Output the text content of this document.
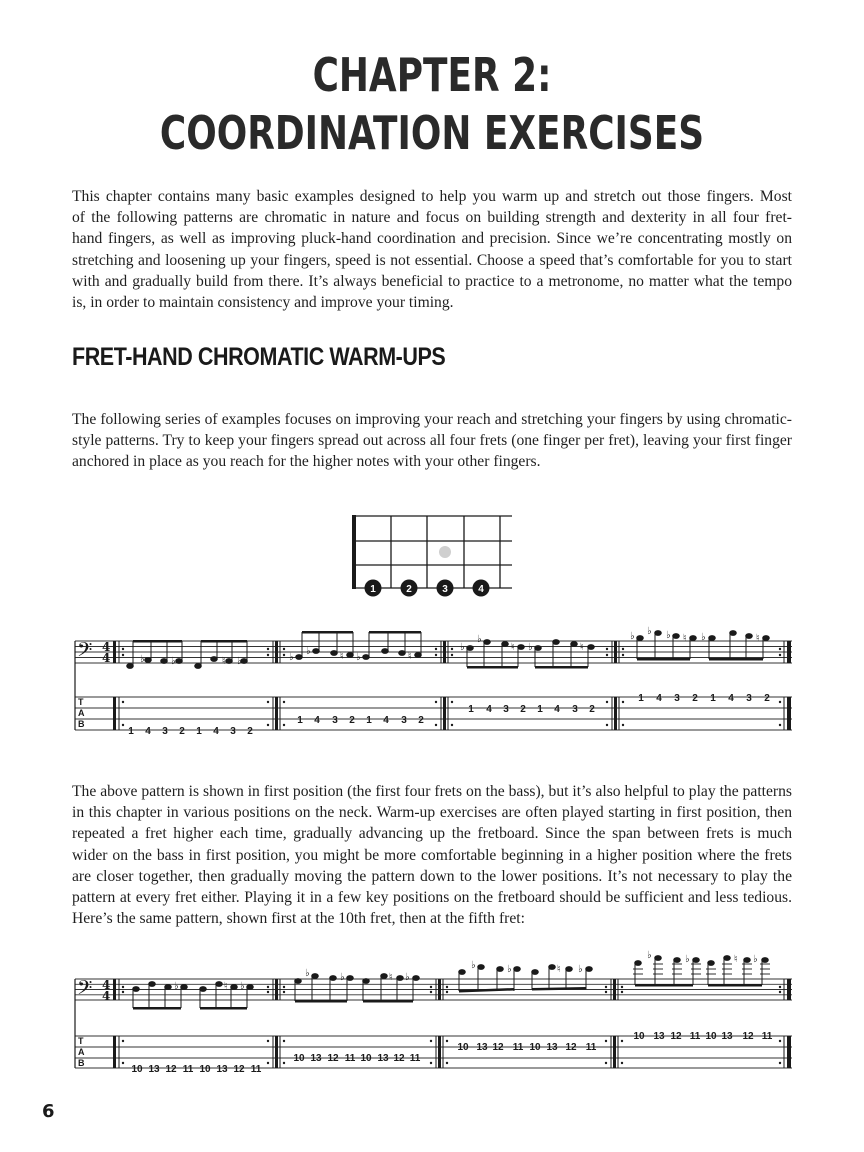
CHAPTER 2:
COORDINATION EXERCISES
This chapter contains many basic examples designed to help you warm up and stretch out those fingers. Most
of the following patterns are chromatic in nature and focus on building strength and dexterity in all four fret-
hand fingers, as well as improving pluck-hand coordination and precision. Since we’re concentrating mostly on
stretching and loosening up your fingers, speed is not essential. Choose a speed that’s comfortable for you to start
with and gradually build from there. It’s always beneficial to practice to a metronome, no matter what the tempo
is, in order to maintain consistency and improve your timing.
FRET-HAND CHROMATIC WARM-UPS
The following series of examples focuses on improving your reach and stretching your fingers by using chromatic-
style patterns. Try to keep your fingers spread out across all four frets (one finger per fret), leaving your first finger
anchored in place as you reach for the higher notes with your other fingers.
1	2	3	4
𝄢 4
4
T
A
B
♭	♭	♮ ♭	♭
♭	♮ ♭	♮
♭
♭
♮ ♭	♮
♭ ♭ ♭ ♮ ♭	♮
1 4 3 2 1 4 3 2
1 4 3 2 1 4 3 2
1 4 3 2 1 4 3 2
1 4 3 2 1 4 3 2
The above pattern is shown in first position (the first four frets on the bass), but it’s also helpful to play the patterns
in this chapter in various positions on the neck. Warm-up exercises are often played starting in first position, then
repeated a fret higher each time, gradually advancing up the fretboard. Since the span between frets is much
wider on the bass in first position, you might be more comfortable beginning in a higher position where the frets
are closer together, then gradually moving the pattern down to the lower positions. It’s not necessary to play the
pattern at every fret either. Playing it in a few key positions on the fretboard should be sufficient and less tedious.
Here’s the same pattern, shown first at the 10th fret, then at the fifth fret:
𝄢 4
4
T
A
B
♭	♮ ♭
♭	♭	♮ ♭
♭	♭	♮ ♭
♭	♭	♮ ♭
10 13 12 11 10 13 12 11
10 13 12 11 10 13 12 11
10 13 12 11 10 13 12 11
10 13 12 11 10 13 12 11
6
